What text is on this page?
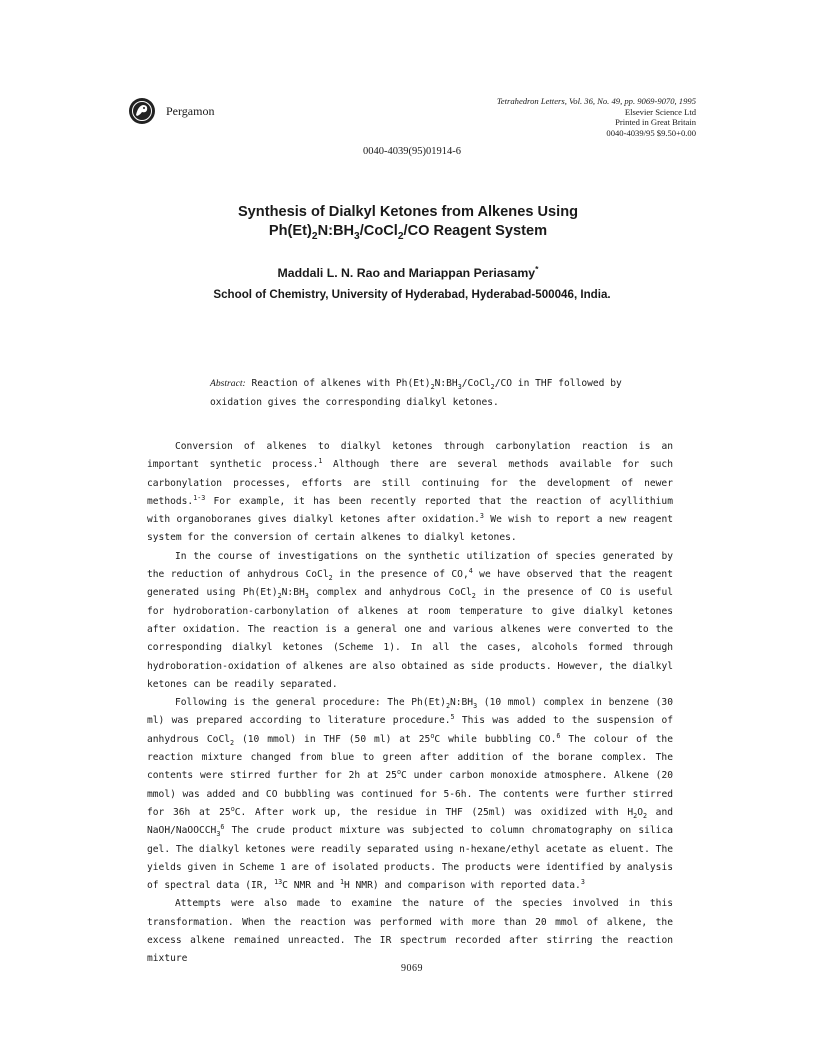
Pergamon
Tetrahedron Letters, Vol. 36, No. 49, pp. 9069-9070, 1995
Elsevier Science Ltd
Printed in Great Britain
0040-4039/95 $9.50+0.00
0040-4039(95)01914-6
Synthesis of Dialkyl Ketones from Alkenes Using
$Ph(Et)_2N:BH_3/CoCl_2/CO$ Reagent System
Maddali L. N. Rao and Mariappan Periasamy*
School of Chemistry, University of Hyderabad, Hyderabad-500046, India.
Abstract: Reaction of alkenes with $Ph(Et)_2N:BH_3/CoCl_2/CO$ in THF followed by oxidation gives the corresponding dialkyl ketones.

Conversion of alkenes to dialkyl ketones through carbonylation reaction is an important synthetic process.$^1$ Although there are several methods available for such carbonylation processes, efforts are still continuing for the development of newer methods.$^{1-3}$ For example, it has been recently reported that the reaction of acyllithium with organoboranes gives dialkyl ketones after oxidation.$^3$ We wish to report a new reagent system for the conversion of certain alkenes to dialkyl ketones.

In the course of investigations on the synthetic utilization of species generated by the reduction of anhydrous CoCl$_2$ in the presence of CO,$^4$ we have observed that the reagent generated using $Ph(Et)_2N:BH_3$ complex and anhydrous CoCl$_2$ in the presence of CO is useful for hydroboration-carbonylation of alkenes at room temperature to give dialkyl ketones after oxidation. The reaction is a general one and various alkenes were converted to the corresponding dialkyl ketones (Scheme 1). In all the cases, alcohols formed through hydroboration-oxidation of alkenes are also obtained as side products. However, the dialkyl ketones can be readily separated.

Following is the general procedure: The $Ph(Et)_2N:BH_3$ (10 mmol) complex in benzene (30 ml) was prepared according to literature procedure.$^5$ This was added to the suspension of anhydrous CoCl$_2$ (10 mmol) in THF (50 ml) at 25$^o$C while bubbling CO.$^6$ The colour of the reaction mixture changed from blue to green after addition of the borane complex. The contents were stirred further for 2h at 25$^o$C under carbon monoxide atmosphere. Alkene (20 mmol) was added and CO bubbling was continued for 5-6h. The contents were further stirred for 36h at 25$^o$C. After work up, the residue in THF (25ml) was oxidized with $H_2O_2$ and NaOH/NaOOCCH$_3^6$ The crude product mixture was subjected to column chromatography on silica gel. The dialkyl ketones were readily separated using n-hexane/ethyl acetate as eluent. The yields given in Scheme 1 are of isolated products. The products were identified by analysis of spectral data (IR, $^{13}$C NMR and $^1$H NMR) and comparison with reported data.$^3$

Attempts were also made to examine the nature of the species involved in this transformation. When the reaction was performed with more than 20 mmol of alkene, the excess alkene remained unreacted. The IR spectrum recorded after stirring the reaction mixture

9069
